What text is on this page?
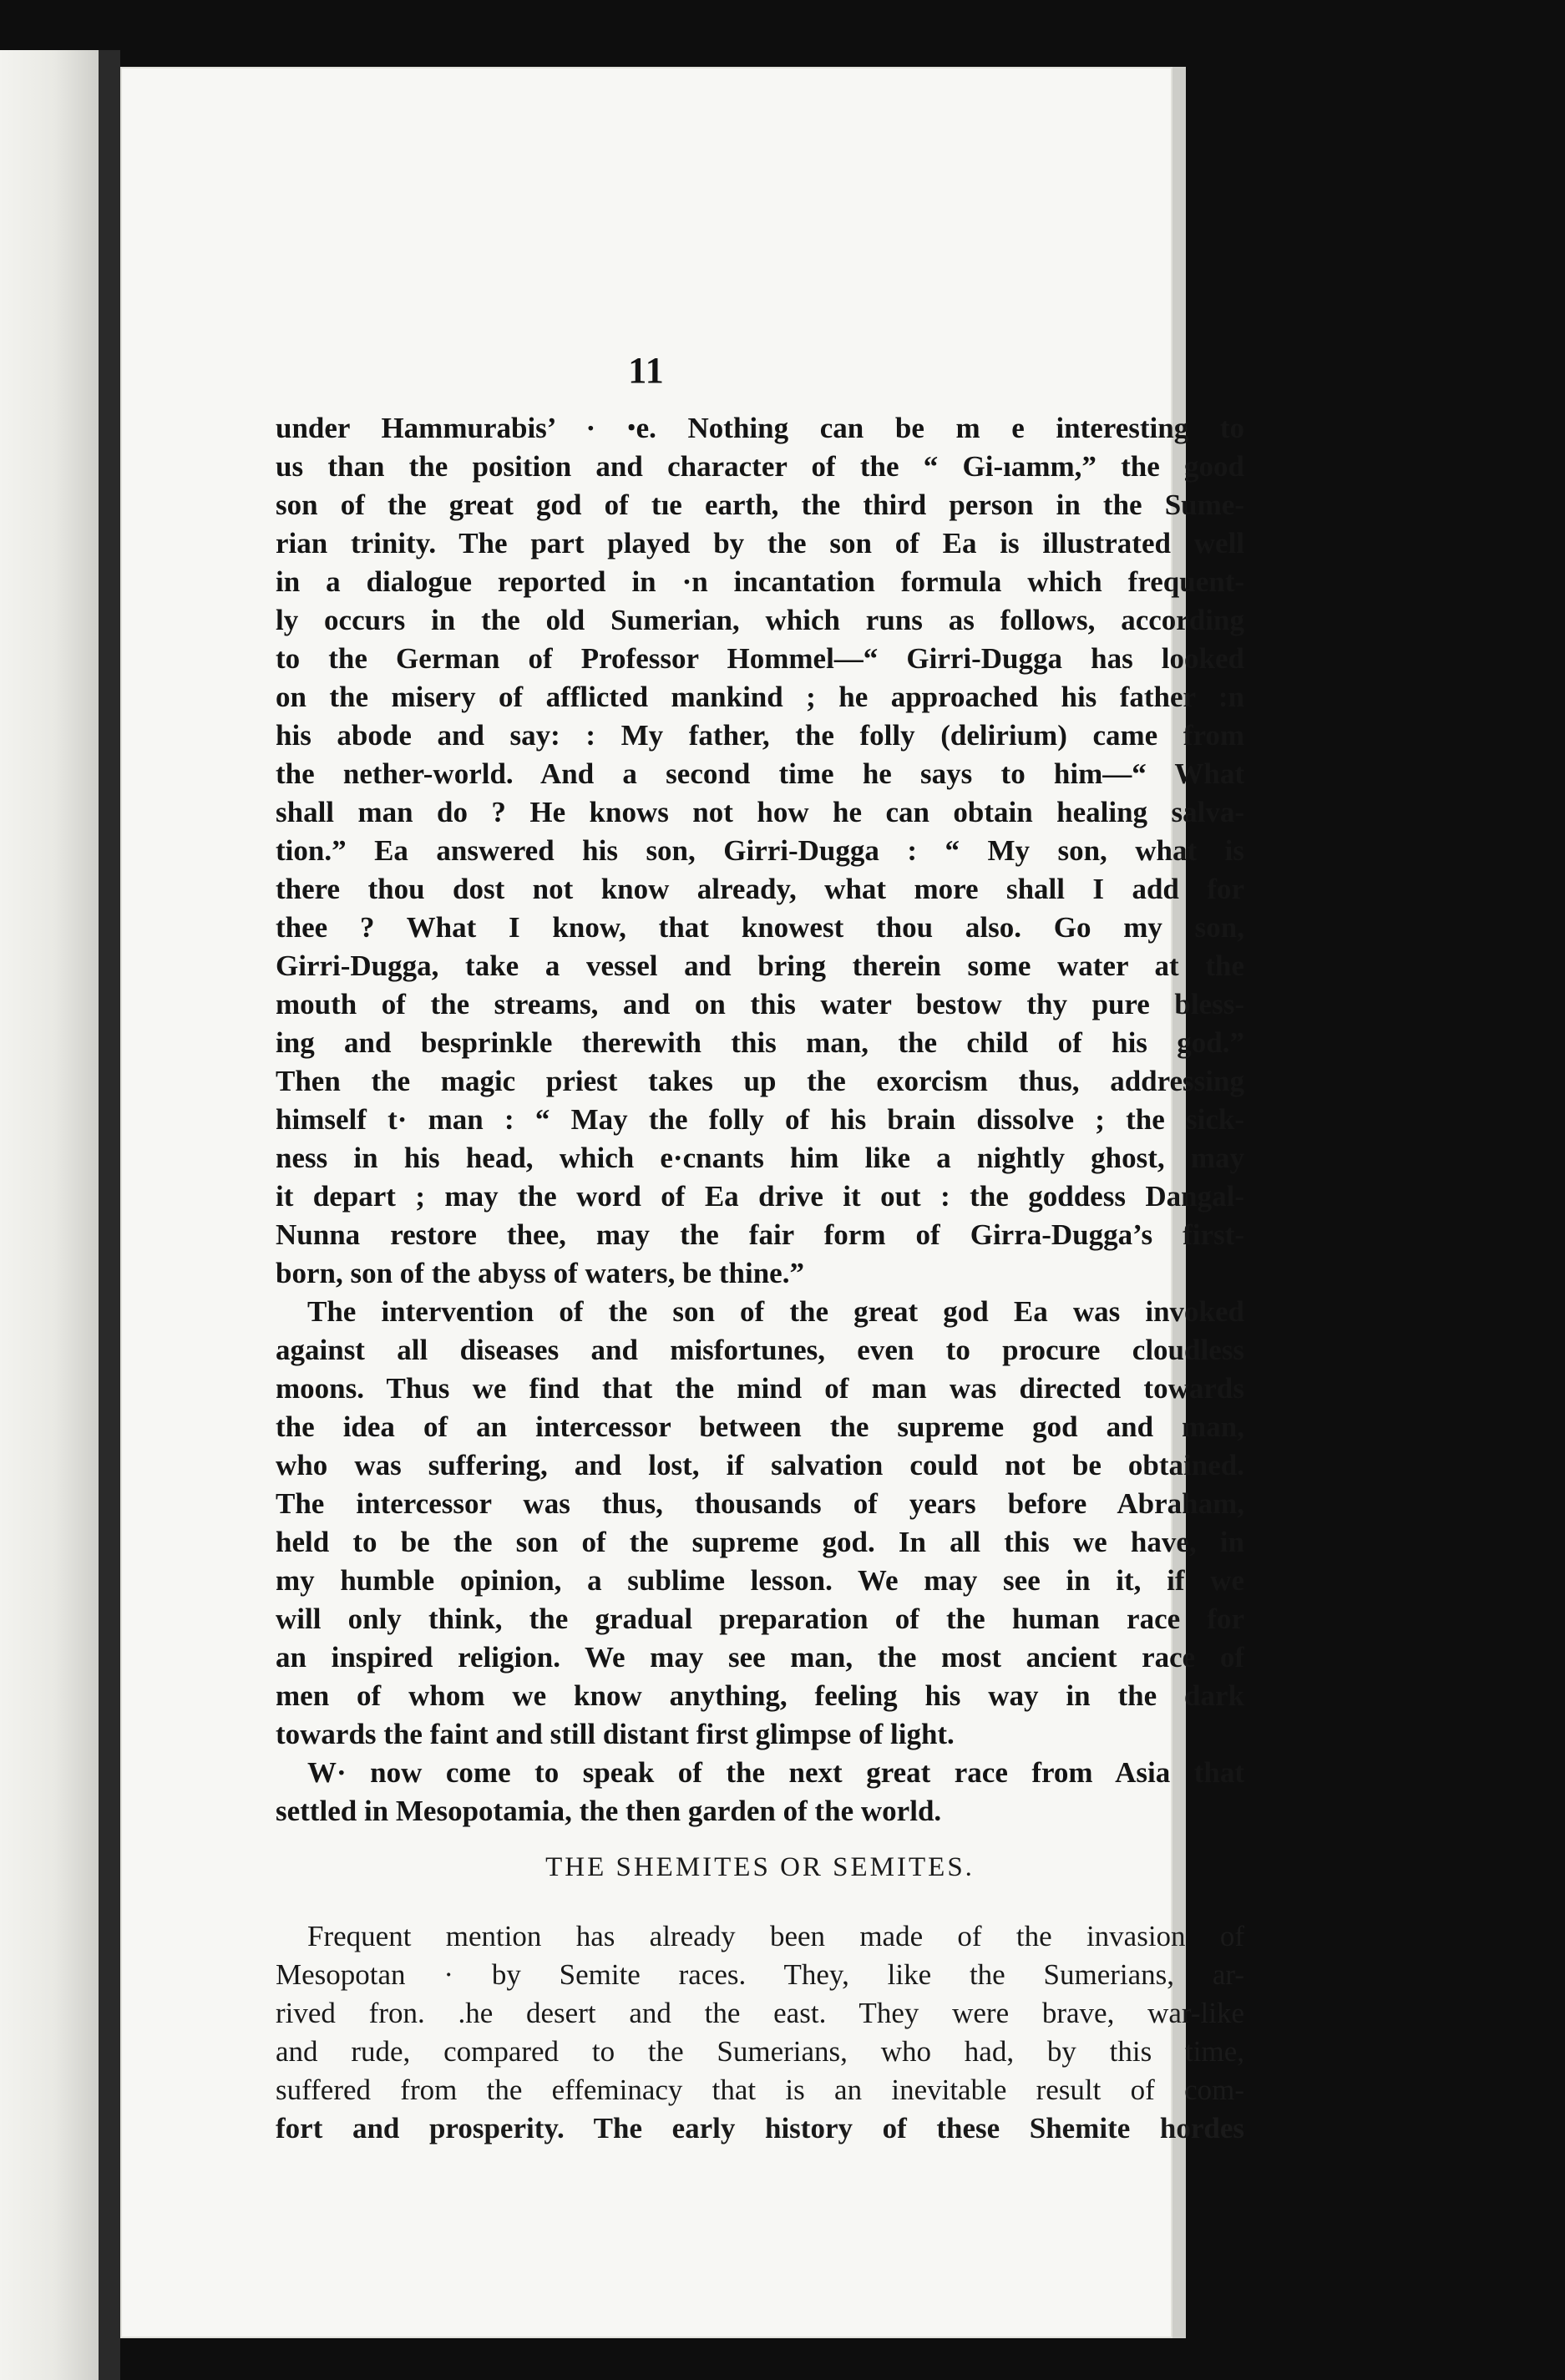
11
under Hammurabis’ · ꞏe. Nothing can be m e interesting to
us than the position and character of the “ Gi-ıamm,” the good
son of the great god of tıe earth, the third person in the Sume-
rian trinity. The part played by the son of Ea is illustrated well
in a dialogue reported in ·n incantation formula which frequent-
ly occurs in the old Sumerian, which runs as follows, according
to the German of Professor Hommel—“ Girri-Dugga has looked
on the misery of afflicted mankind ; he approached his father :n
his abode and say: : My father, the folly (delirium) came from
the nether-world. And a second time he says to him—“ What
shall man do ? He knows not how he can obtain healing salva-
tion.” Ea answered his son, Girri-Dugga : “ My son, what is
there thou dost not know already, what more shall I add for
thee ? What I know, that knowest thou also. Go my son,
Girri-Dugga, take a vessel and bring therein some water at the
mouth of the streams, and on this water bestow thy pure bless-
ing and besprinkle therewith this man, the child of his god.”
Then the magic priest takes up the exorcism thus, addressing
himself t· man : “ May the folly of his brain dissolve ; the sick-
ness in his head, which e·cnants him like a nightly ghost, may
it depart ; may the word of Ea drive it out : the goddess Dangal-
Nunna restore thee, may the fair form of Girra-Dugga’s first-
born, son of the abyss of waters, be thine.”
The intervention of the son of the great god Ea was invoked
against all diseases and misfortunes, even to procure cloudless
moons. Thus we find that the mind of man was directed towards
the idea of an intercessor between the supreme god and man,
who was suffering, and lost, if salvation could not be obtained.
The intercessor was thus, thousands of years before Abraham,
held to be the son of the supreme god. In all this we have, in
my humble opinion, a sublime lesson. We may see in it, if we
will only think, the gradual preparation of the human race for
an inspired religion. We may see man, the most ancient race of
men of whom we know anything, feeling his way in the dark
towards the faint and still distant first glimpse of light.
W· now come to speak of the next great race from Asia that
settled in Mesopotamia, the then garden of the world.
THE SHEMITES OR SEMITES.
Frequent mention has already been made of the invasion of
Mesopotan · by Semite races. They, like the Sumerians, ar-
rived fron. .he desert and the east. They were brave, war-like
and rude, compared to the Sumerians, who had, by this time,
suffered from the effeminacy that is an inevitable result of com-
fort and prosperity. The early history of these Shemite hordes
